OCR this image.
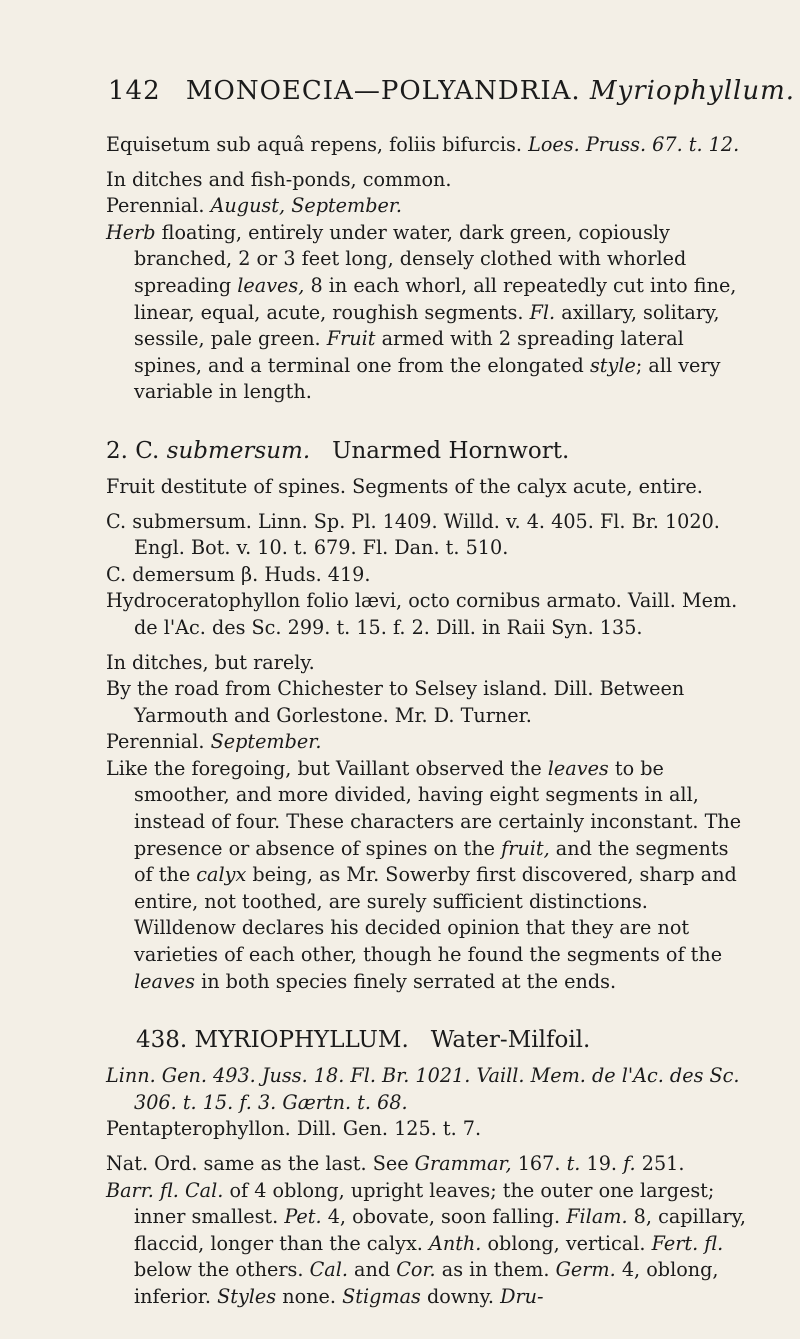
142 MONOECIA—POLYANDRIA. Myriophyllum.

Equisetum sub aquâ repens, foliis bifurcis. Loes. Pruss. 67. t. 12.

In ditches and fish-ponds, common.

Perennial. August, September.

Herb floating, entirely under water, dark green, copiously branched, 2 or 3 feet long, densely clothed with whorled spreading leaves, 8 in each whorl, all repeatedly cut into fine, linear, equal, acute, roughish segments. Fl. axillary, solitary, sessile, pale green. Fruit armed with 2 spreading lateral spines, and a terminal one from the elongated style; all very variable in length.

2. C. submersum. Unarmed Hornwort.

Fruit destitute of spines. Segments of the calyx acute, entire.

C. submersum. Linn. Sp. Pl. 1409. Willd. v. 4. 405. Fl. Br. 1020. Engl. Bot. v. 10. t. 679. Fl. Dan. t. 510.

C. demersum β. Huds. 419.

Hydroceratophyllon folio lævi, octo cornibus armato. Vaill. Mem. de l'Ac. des Sc. 299. t. 15. f. 2. Dill. in Raii Syn. 135.

In ditches, but rarely.

By the road from Chichester to Selsey island. Dill. Between Yarmouth and Gorlestone. Mr. D. Turner.

Perennial. September.

Like the foregoing, but Vaillant observed the leaves to be smoother, and more divided, having eight segments in all, instead of four. These characters are certainly inconstant. The presence or absence of spines on the fruit, and the segments of the calyx being, as Mr. Sowerby first discovered, sharp and entire, not toothed, are surely sufficient distinctions. Willdenow declares his decided opinion that they are not varieties of each other, though he found the segments of the leaves in both species finely serrated at the ends.

438. MYRIOPHYLLUM. Water-Milfoil.

Linn. Gen. 493. Juss. 18. Fl. Br. 1021. Vaill. Mem. de l'Ac. des Sc. 306. t. 15. f. 3. Gærtn. t. 68.

Pentapterophyllon. Dill. Gen. 125. t. 7.

Nat. Ord. same as the last. See Grammar, 167. t. 19. f. 251.

Barr. fl. Cal. of 4 oblong, upright leaves; the outer one largest; inner smallest. Pet. 4, obovate, soon falling. Filam. 8, capillary, flaccid, longer than the calyx. Anth. oblong, vertical. Fert. fl. below the others. Cal. and Cor. as in them. Germ. 4, oblong, inferior. Styles none. Stigmas downy. Dru-
